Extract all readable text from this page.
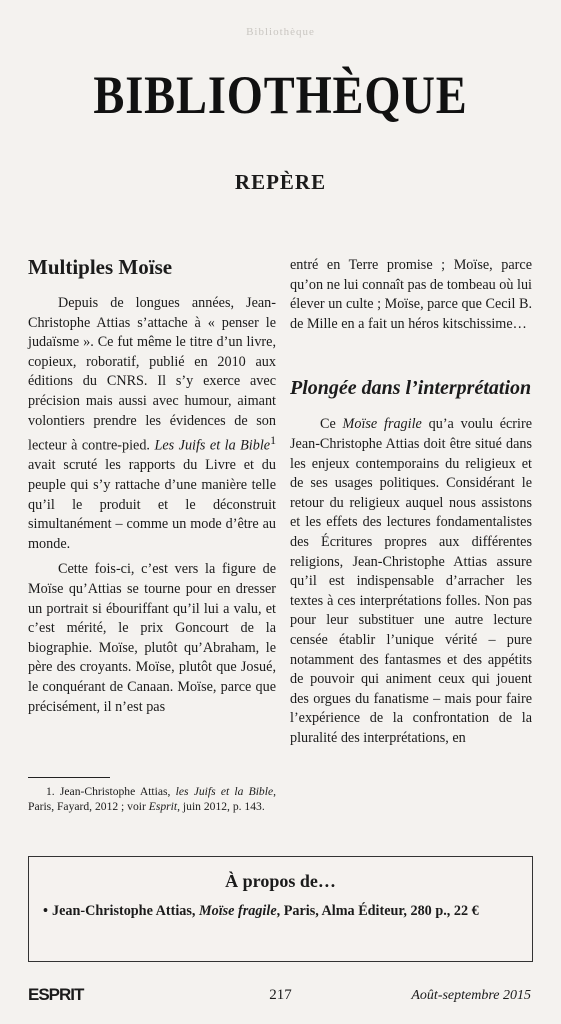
Bibliothèque
BIBLIOTHÈQUE
REPÈRE
Multiples Moïse

Depuis de longues années, Jean-Christophe Attias s’attache à « penser le judaïsme ». Ce fut même le titre d’un livre, copieux, roboratif, publié en 2010 aux éditions du CNRS. Il s’y exerce avec précision mais aussi avec humour, aimant volontiers prendre les évidences de son lecteur à contre-pied. Les Juifs et la Bible$^1$ avait scruté les rapports du Livre et du peuple qui s’y rattache d’une manière telle qu’il le produit et le déconstruit simultanément – comme un mode d’être au monde.

Cette fois-ci, c’est vers la figure de Moïse qu’Attias se tourne pour en dresser un portrait si ébouriffant qu’il lui a valu, et c’est mérité, le prix Goncourt de la biographie. Moïse, plutôt qu’Abraham, le père des croyants. Moïse, plutôt que Josué, le conquérant de Canaan. Moïse, parce que précisément, il n’est pas

1. Jean-Christophe Attias, les Juifs et la Bible, Paris, Fayard, 2012 ; voir Esprit, juin 2012, p. 143.

entré en Terre promise ; Moïse, parce qu’on ne lui connaît pas de tombeau où lui élever un culte ; Moïse, parce que Cecil B. de Mille en a fait un héros kitschissime…

Plongée dans l’interprétation

Ce Moïse fragile qu’a voulu écrire Jean-Christophe Attias doit être situé dans les enjeux contemporains du religieux et de ses usages politiques. Considérant le retour du religieux auquel nous assistons et les effets des lectures fondamentalistes des Écritures propres aux différentes religions, Jean-Christophe Attias assure qu’il est indispensable d’arracher les textes à ces interprétations folles. Non pas pour leur substituer une autre lecture censée établir l’unique vérité – pure notamment des fantasmes et des appétits de pouvoir qui animent ceux qui jouent des orgues du fanatisme – mais pour faire l’expérience de la confrontation de la pluralité des interprétations, en

À propos de…
• Jean-Christophe Attias, Moïse fragile, Paris, Alma Éditeur, 280 p., 22 €
ESPRIT	217	Août-septembre 2015
